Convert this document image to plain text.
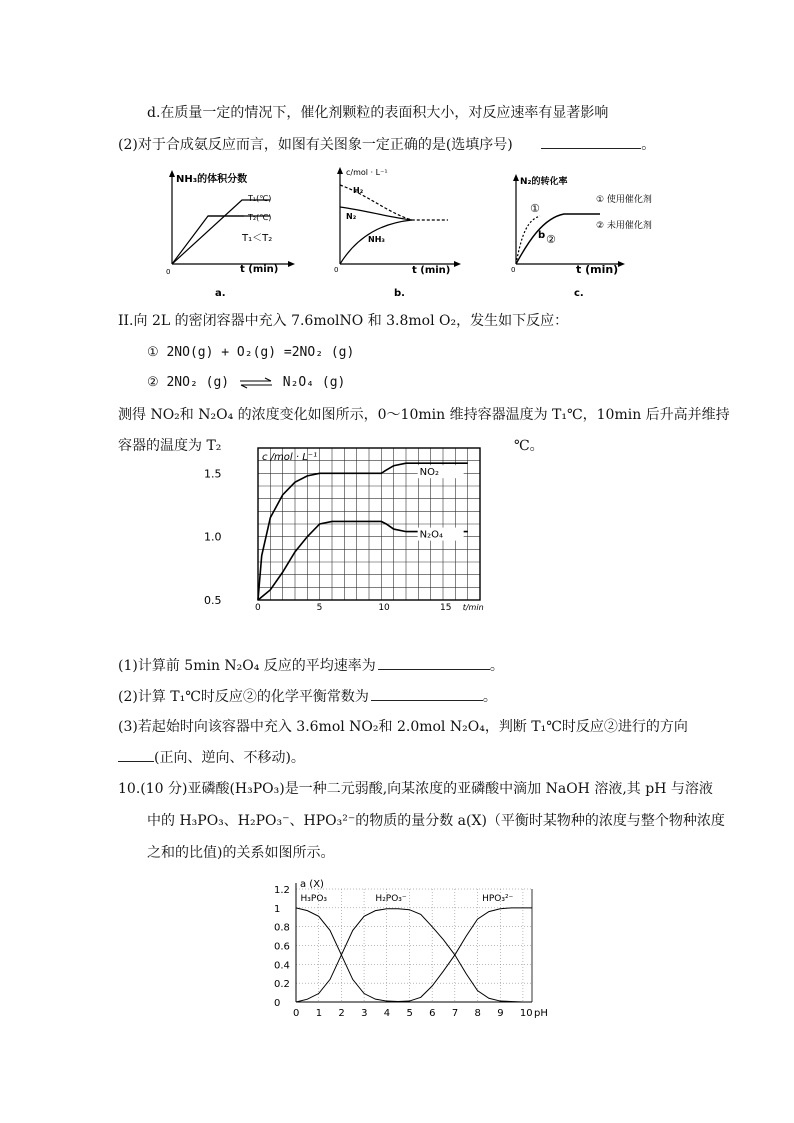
d.在质量一定的情况下，催化剂颗粒的表面积大小，对反应速率有显著影响
(2)对于合成氨反应而言，如图有关图象一定正确的是(选填序号)	。
NH₃的体积分数
T₁(℃)
T₂(℃)
T₁＜T₂
0	t (min)
a.
c/mol · L⁻¹
H₂
N₂
NH₃
0	t (min)
b.
N₂的转化率
①
b ②
① 使用催化剂
② 未用催化剂
0	t (min)
c.
II.向 2L 的密闭容器中充入 7.6molNO 和 3.8mol O₂，发生如下反应：
① 2NO(g) + O₂(g) =2NO₂ (g)
② 2NO₂ (g) ⇌ N₂O₄ (g)
测得 NO₂和 N₂O₄ 的浓度变化如图所示，0～10min 维持容器温度为 T₁℃，10min 后升高并维持
容器的温度为 T₂	℃。
0.5
1.0
1.5
0	5	10	15 t/min
c /mol · L⁻¹
NO₂
N₂O₄
(1)计算前 5min N₂O₄ 反应的平均速率为	。
(2)计算 T₁℃时反应②的化学平衡常数为	。
(3)若起始时向该容器中充入 3.6mol NO₂和 2.0mol N₂O₄，判断 T₁℃时反应②进行的方向
(正向、逆向、不移动)。
10.(10 分)亚磷酸(H₃PO₃)是一种二元弱酸,向某浓度的亚磷酸中滴加 NaOH 溶液,其 pH 与溶液
中的 H₃PO₃、H₂PO₃⁻、HPO₃²⁻的物质的量分数 a(X)（平衡时某物种的浓度与整个物种浓度
之和的比值)的关系如图所示。
0
0.2
0.4
0.6
0.8
1
1.2
0 1 2 3 4 5 6 7 8 9 10 pH
a (X)
H₃PO₃	H₂PO₃⁻	HPO₃²⁻
